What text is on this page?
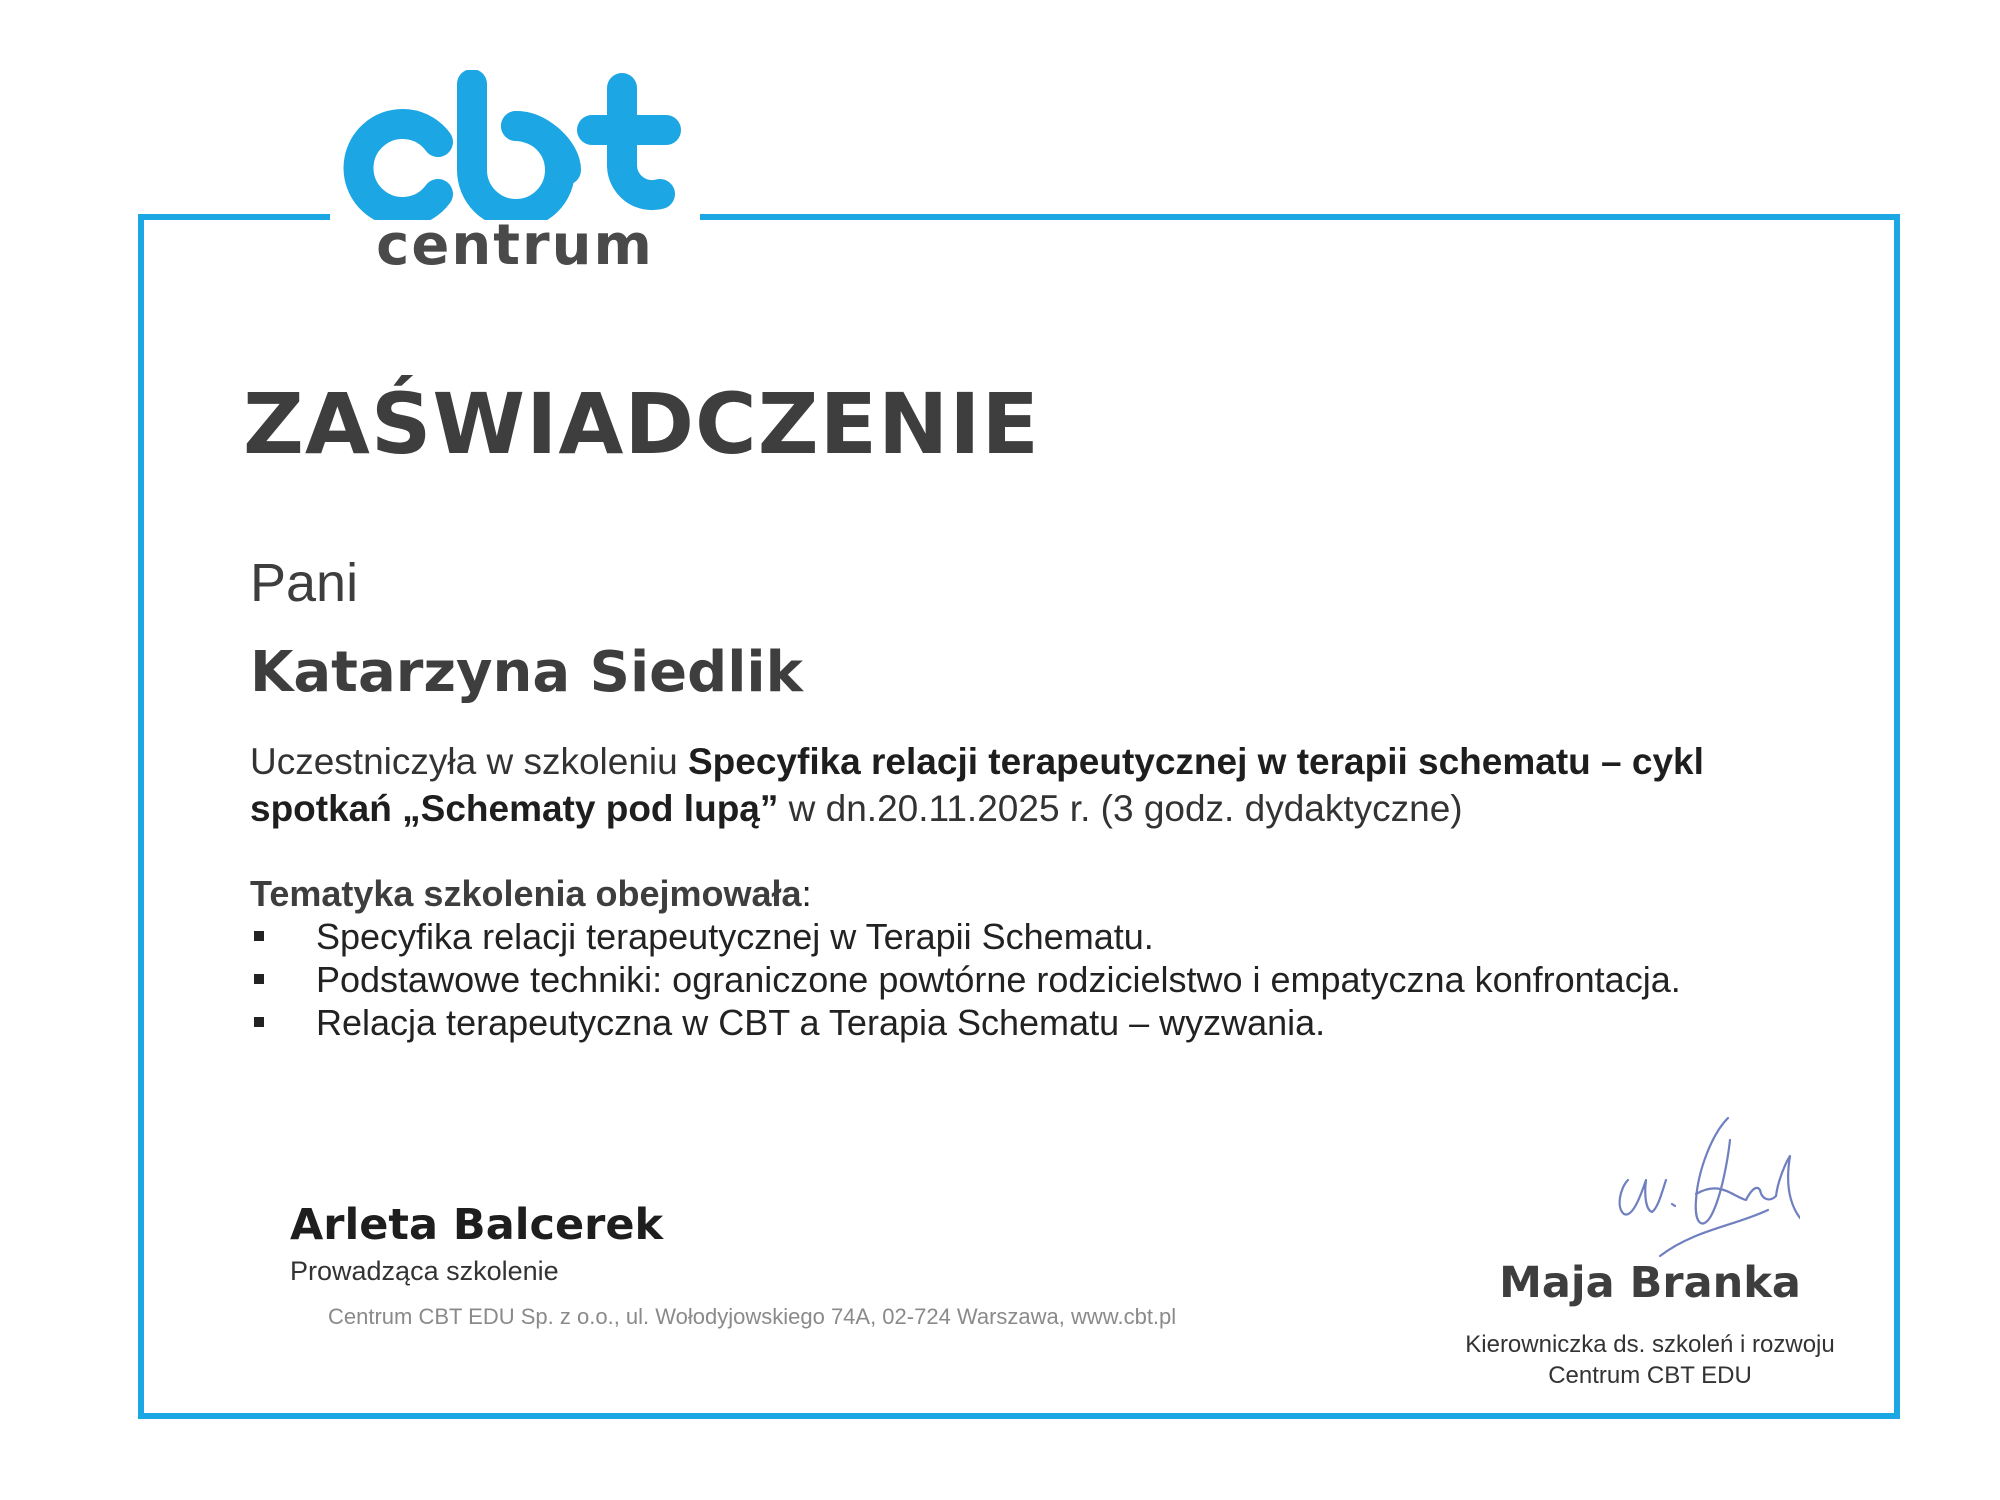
centrum
ZAŚWIADCZENIE
Pani
Katarzyna Siedlik
Uczestniczyła w szkoleniu Specyfika relacji terapeutycznej w terapii schematu – cykl spotkań „Schematy pod lupą” w dn.20.11.2025 r. (3 godz. dydaktyczne)
Tematyka szkolenia obejmowała:
Specyfika relacji terapeutycznej w Terapii Schematu.
Podstawowe techniki: ograniczone powtórne rodzicielstwo i empatyczna konfrontacja.
Relacja terapeutyczna w CBT a Terapia Schematu – wyzwania.
Arleta Balcerek
Prowadząca szkolenie
Centrum CBT EDU Sp. z o.o., ul. Wołodyjowskiego 74A, 02-724 Warszawa, www.cbt.pl
Maja Branka
Kierowniczka ds. szkoleń i rozwoju
Centrum CBT EDU
